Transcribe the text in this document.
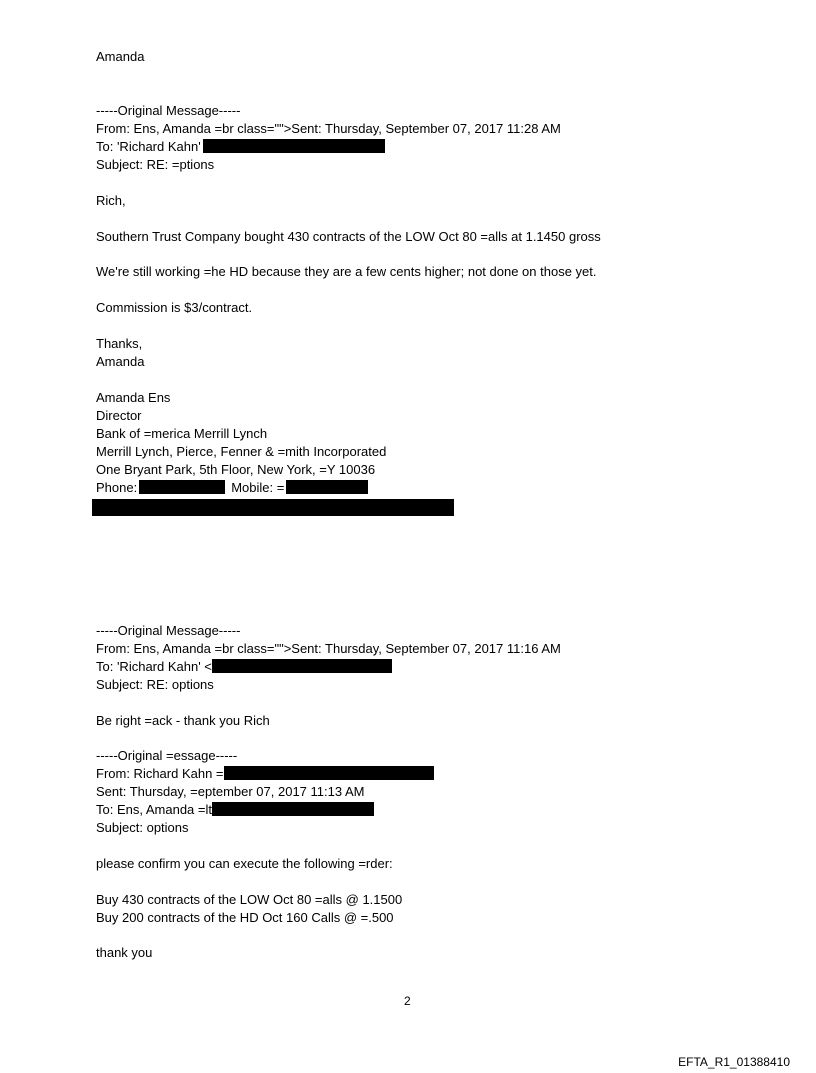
Amanda
-----Original Message-----
From: Ens, Amanda =br class="">Sent: Thursday, September 07, 2017 11:28 AM
To: 'Richard Kahn'
Subject: RE: =ptions
Rich,
Southern Trust Company bought 430 contracts of the LOW Oct 80 =alls at 1.1450 gross
We're still working =he HD because they are a few cents higher; not done on those yet.
Commission is $3/contract.
Thanks,
Amanda
Amanda Ens
Director
Bank of =merica Merrill Lynch
Merrill Lynch, Pierce, Fenner & =mith Incorporated
One Bryant Park, 5th Floor, New York, =Y 10036
Phone:	Mobile: =
-----Original Message-----
From: Ens, Amanda =br class="">Sent: Thursday, September 07, 2017 11:16 AM
To: 'Richard Kahn' <
Subject: RE: options
Be right =ack - thank you Rich
-----Original =essage-----
From: Richard Kahn =
Sent: Thursday, =eptember 07, 2017 11:13 AM
To: Ens, Amanda =lt
Subject: options
please confirm you can execute the following =rder:
Buy 430 contracts of the LOW Oct 80 =alls @ 1.1500
Buy 200 contracts of the HD Oct 160 Calls @ =.500
thank you
2
EFTA_R1_01388410
